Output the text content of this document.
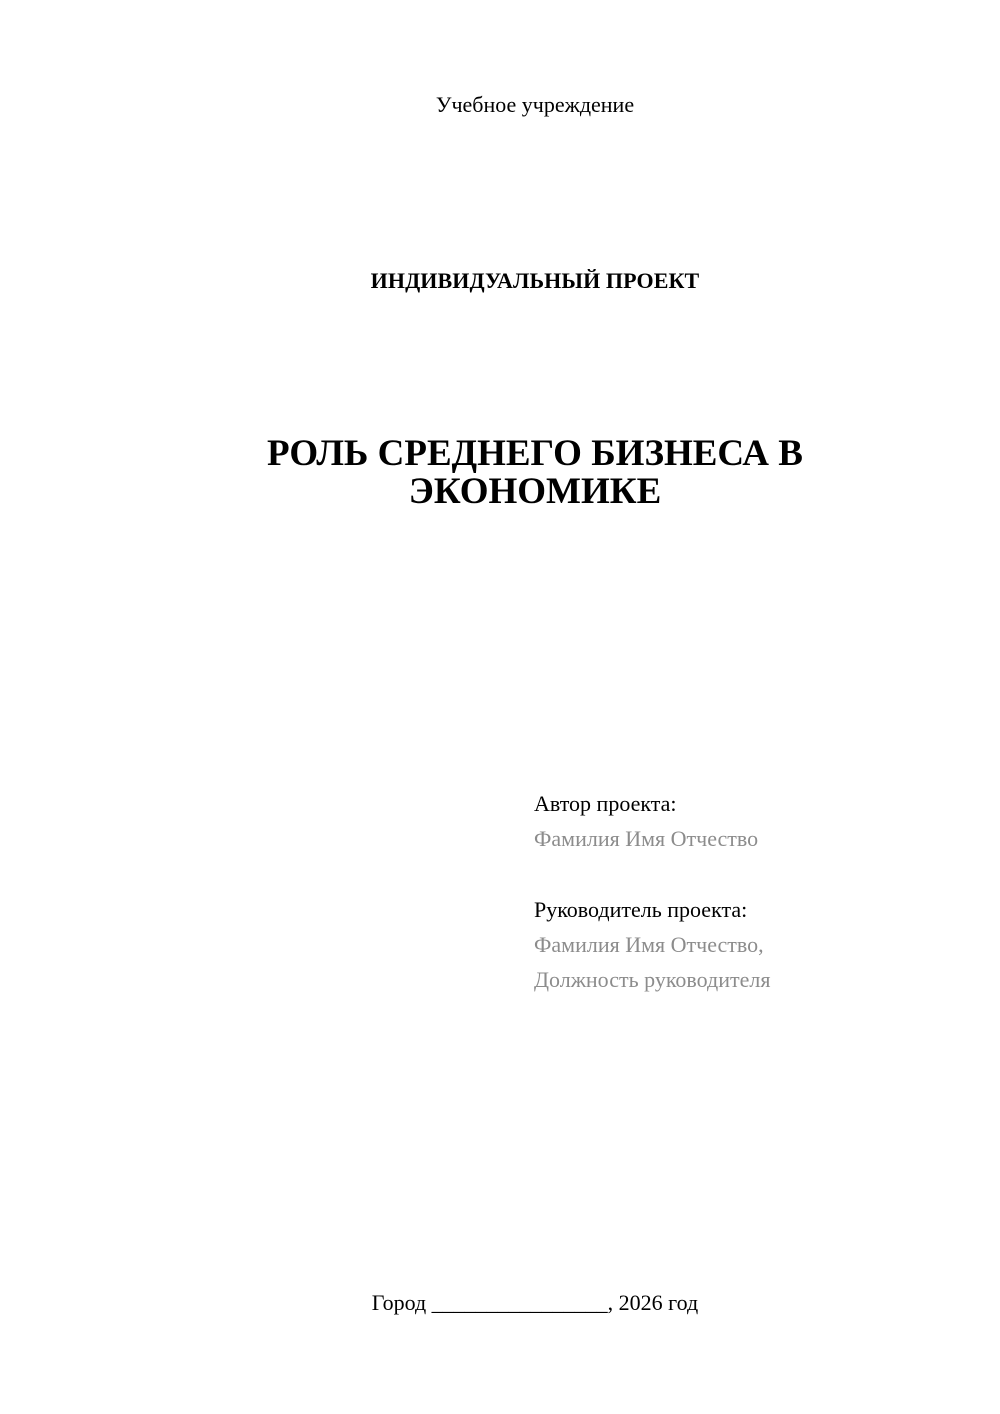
Учебное учреждение
ИНДИВИДУАЛЬНЫЙ ПРОЕКТ
РОЛЬ СРЕДНЕГО БИЗНЕСА В
ЭКОНОМИКЕ
Автор проекта:
Фамилия Имя Отчество
Руководитель проекта:
Фамилия Имя Отчество,
Должность руководителя
Город ________________, 2026 год
